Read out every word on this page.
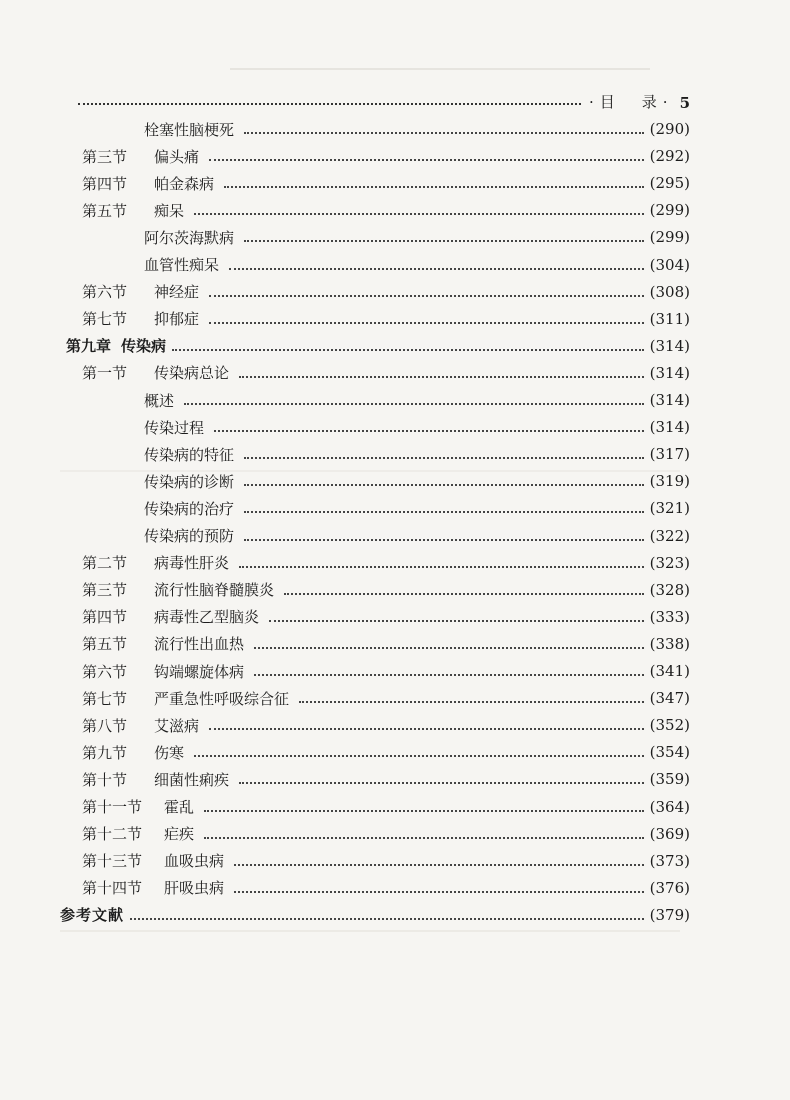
·目　录· 5
栓塞性脑梗死	(290)
第三节	偏头痛	(292)
第四节	帕金森病	(295)
第五节	痴呆	(299)
阿尔茨海默病	(299)
血管性痴呆	(304)
第六节	神经症	(308)
第七节	抑郁症	(311)
第九章 传染病	(314)
第一节	传染病总论	(314)
概述	(314)
传染过程	(314)
传染病的特征	(317)
传染病的诊断	(319)
传染病的治疗	(321)
传染病的预防	(322)
第二节	病毒性肝炎	(323)
第三节	流行性脑脊髓膜炎	(328)
第四节	病毒性乙型脑炎	(333)
第五节	流行性出血热	(338)
第六节	钩端螺旋体病	(341)
第七节	严重急性呼吸综合征	(347)
第八节	艾滋病	(352)
第九节	伤寒	(354)
第十节	细菌性痢疾	(359)
第十一节	霍乱	(364)
第十二节	疟疾	(369)
第十三节	血吸虫病	(373)
第十四节	肝吸虫病	(376)
参考文献	(379)
